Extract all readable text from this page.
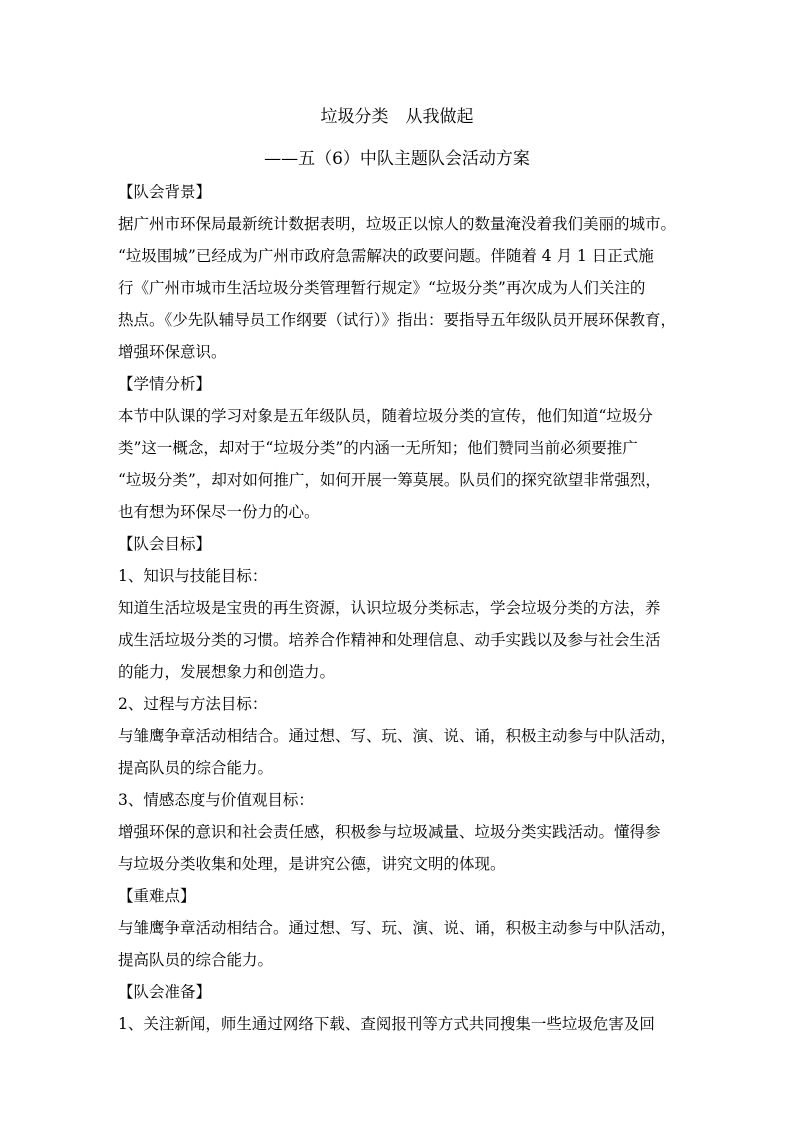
垃圾分类　从我做起
——五（6）中队主题队会活动方案
【队会背景】
据广州市环保局最新统计数据表明，垃圾正以惊人的数量淹没着我们美丽的城市。
“垃圾围城”已经成为广州市政府急需解决的政要问题。伴随着 4 月 1 日正式施
行《广州市城市生活垃圾分类管理暂行规定》“垃圾分类”再次成为人们关注的
热点。《少先队辅导员工作纲要（试行）》指出：要指导五年级队员开展环保教育，
增强环保意识。
【学情分析】
本节中队课的学习对象是五年级队员，随着垃圾分类的宣传，他们知道“垃圾分
类”这一概念，却对于“垃圾分类”的内涵一无所知；他们赞同当前必须要推广
“垃圾分类”，却对如何推广，如何开展一筹莫展。队员们的探究欲望非常强烈，
也有想为环保尽一份力的心。
【队会目标】
1、知识与技能目标：
知道生活垃圾是宝贵的再生资源，认识垃圾分类标志，学会垃圾分类的方法，养
成生活垃圾分类的习惯。培养合作精神和处理信息、动手实践以及参与社会生活
的能力，发展想象力和创造力。
2、过程与方法目标：
与雏鹰争章活动相结合。通过想、写、玩、演、说、诵，积极主动参与中队活动，
提高队员的综合能力。
3、情感态度与价值观目标：
增强环保的意识和社会责任感，积极参与垃圾减量、垃圾分类实践活动。懂得参
与垃圾分类收集和处理，是讲究公德，讲究文明的体现。
【重难点】
与雏鹰争章活动相结合。通过想、写、玩、演、说、诵，积极主动参与中队活动，
提高队员的综合能力。
【队会准备】
1、关注新闻，师生通过网络下载、查阅报刊等方式共同搜集一些垃圾危害及回
